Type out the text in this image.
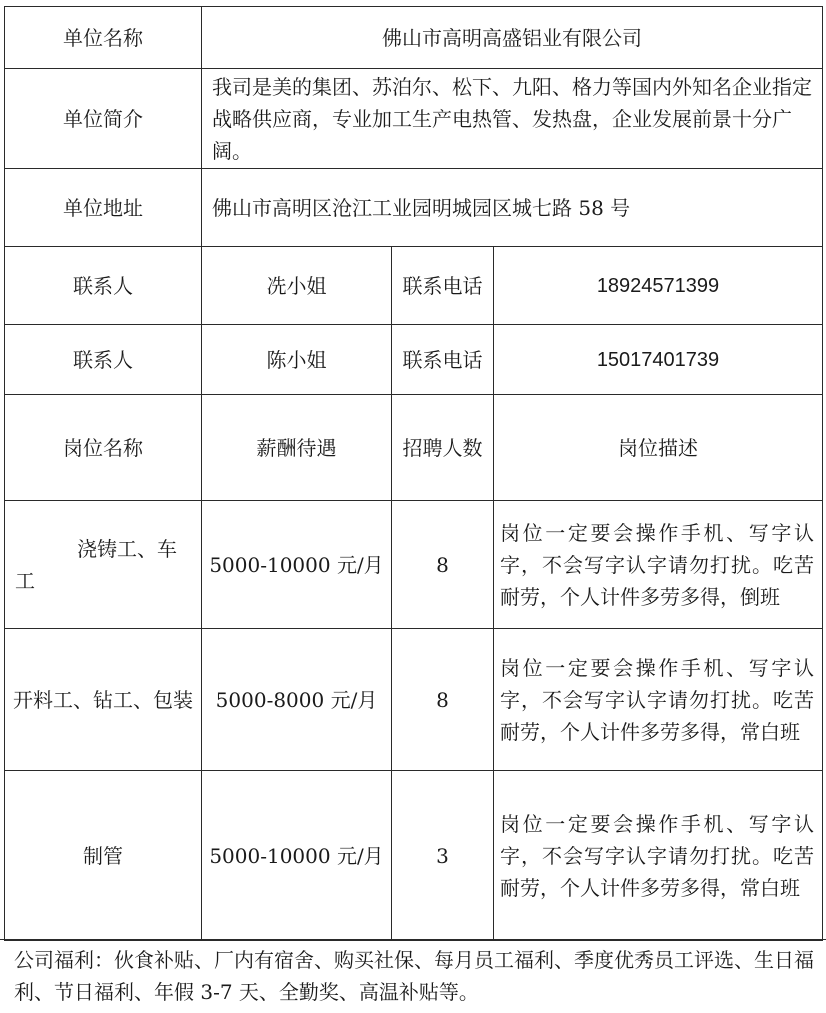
单位名称	佛山市高明高盛铝业有限公司		
单位简介	我司是美的集团、苏泊尔、松下、九阳、格力等国内外知名企业指定战略供应商，专业加工生产电热管、发热盘，企业发展前景十分广阔。		
单位地址	佛山市高明区沧江工业园明城园区城七路 58 号		
联系人	冼小姐	联系电话	18924571399
联系人	陈小姐	联系电话	15017401739
岗位名称	薪酬待遇	招聘人数	岗位描述
浇铸工、车工	5000-10000 元/月	8	岗位一定要会操作手机、写字认字，不会写字认字请勿打扰。吃苦耐劳，个人计件多劳多得，倒班
开料工、钻工、包装	5000-8000 元/月	8	岗位一定要会操作手机、写字认字，不会写字认字请勿打扰。吃苦耐劳，个人计件多劳多得，常白班
制管	5000-10000 元/月	3	岗位一定要会操作手机、写字认字，不会写字认字请勿打扰。吃苦耐劳，个人计件多劳多得，常白班
公司福利：伙食补贴、厂内有宿舍、购买社保、每月员工福利、季度优秀员工评选、生日福利、节日福利、年假 3-7 天、全勤奖、高温补贴等。
